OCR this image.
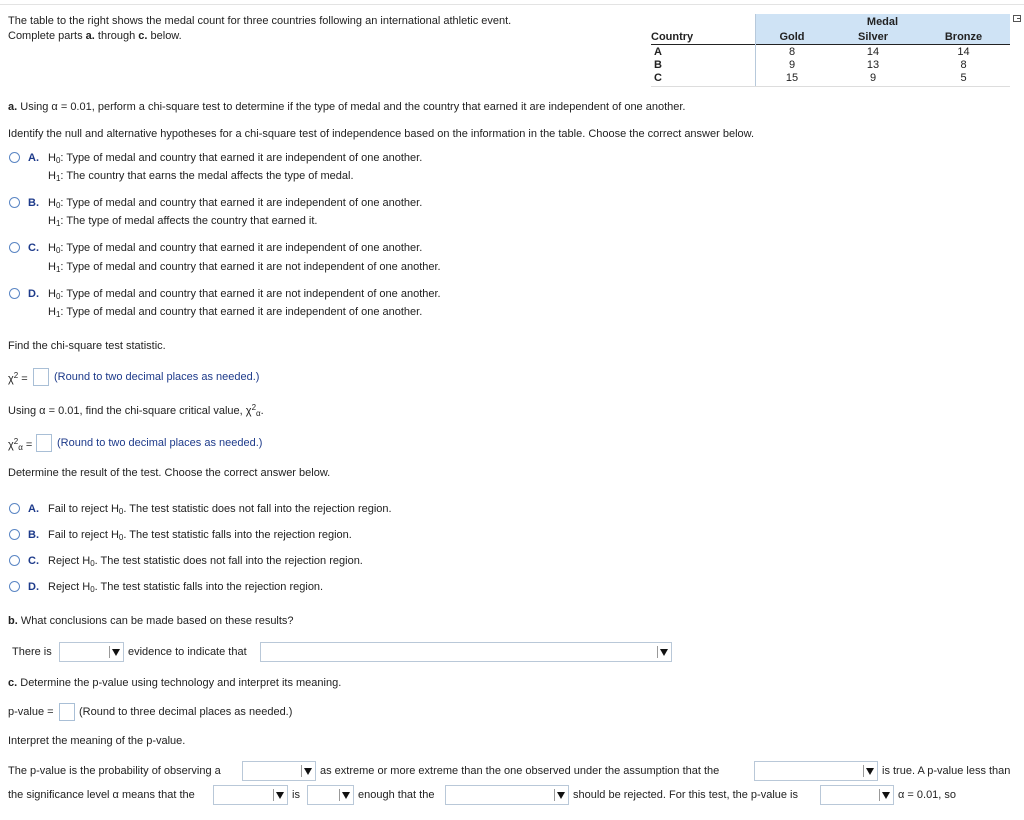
The table to the right shows the medal count for three countries following an international athletic event.
Complete parts a. through c. below.
Medal
Country	Gold	Silver	Bronze
A	8	14	14
B	9	13	8
C	15	9	5
a. Using α = 0.01, perform a chi-square test to determine if the type of medal and the country that earned it are independent of one another.
Identify the null and alternative hypotheses for a chi-square test of independence based on the information in the table. Choose the correct answer below.
A. $H_0$: Type of medal and country that earned it are independent of one another.
$H_1$: The country that earns the medal affects the type of medal.
B. $H_0$: Type of medal and country that earned it are independent of one another.
$H_1$: The type of medal affects the country that earned it.
C. $H_0$: Type of medal and country that earned it are independent of one another.
$H_1$: Type of medal and country that earned it are not independent of one another.
D. $H_0$: Type of medal and country that earned it are not independent of one another.
$H_1$: Type of medal and country that earned it are independent of one another.
Find the chi-square test statistic.
$\chi^2$ = (Round to two decimal places as needed.)
Using α = 0.01, find the chi-square critical value, $\chi^2_\alpha$.
$\chi^2_\alpha$ = (Round to two decimal places as needed.)
Determine the result of the test. Choose the correct answer below.
A. Fail to reject $H_0$. The test statistic does not fall into the rejection region.
B. Fail to reject $H_0$. The test statistic falls into the rejection region.
C. Reject $H_0$. The test statistic does not fall into the rejection region.
D. Reject $H_0$. The test statistic falls into the rejection region.
b. What conclusions can be made based on these results?
There is	evidence to indicate that
c. Determine the p-value using technology and interpret its meaning.
p-value = (Round to three decimal places as needed.)
Interpret the meaning of the p-value.
The p-value is the probability of observing a	as extreme or more extreme than the one observed under the assumption that the	is true. A p-value less than
the significance level α means that the	is	enough that the	should be rejected. For this test, the p-value is	α = 0.01, so
